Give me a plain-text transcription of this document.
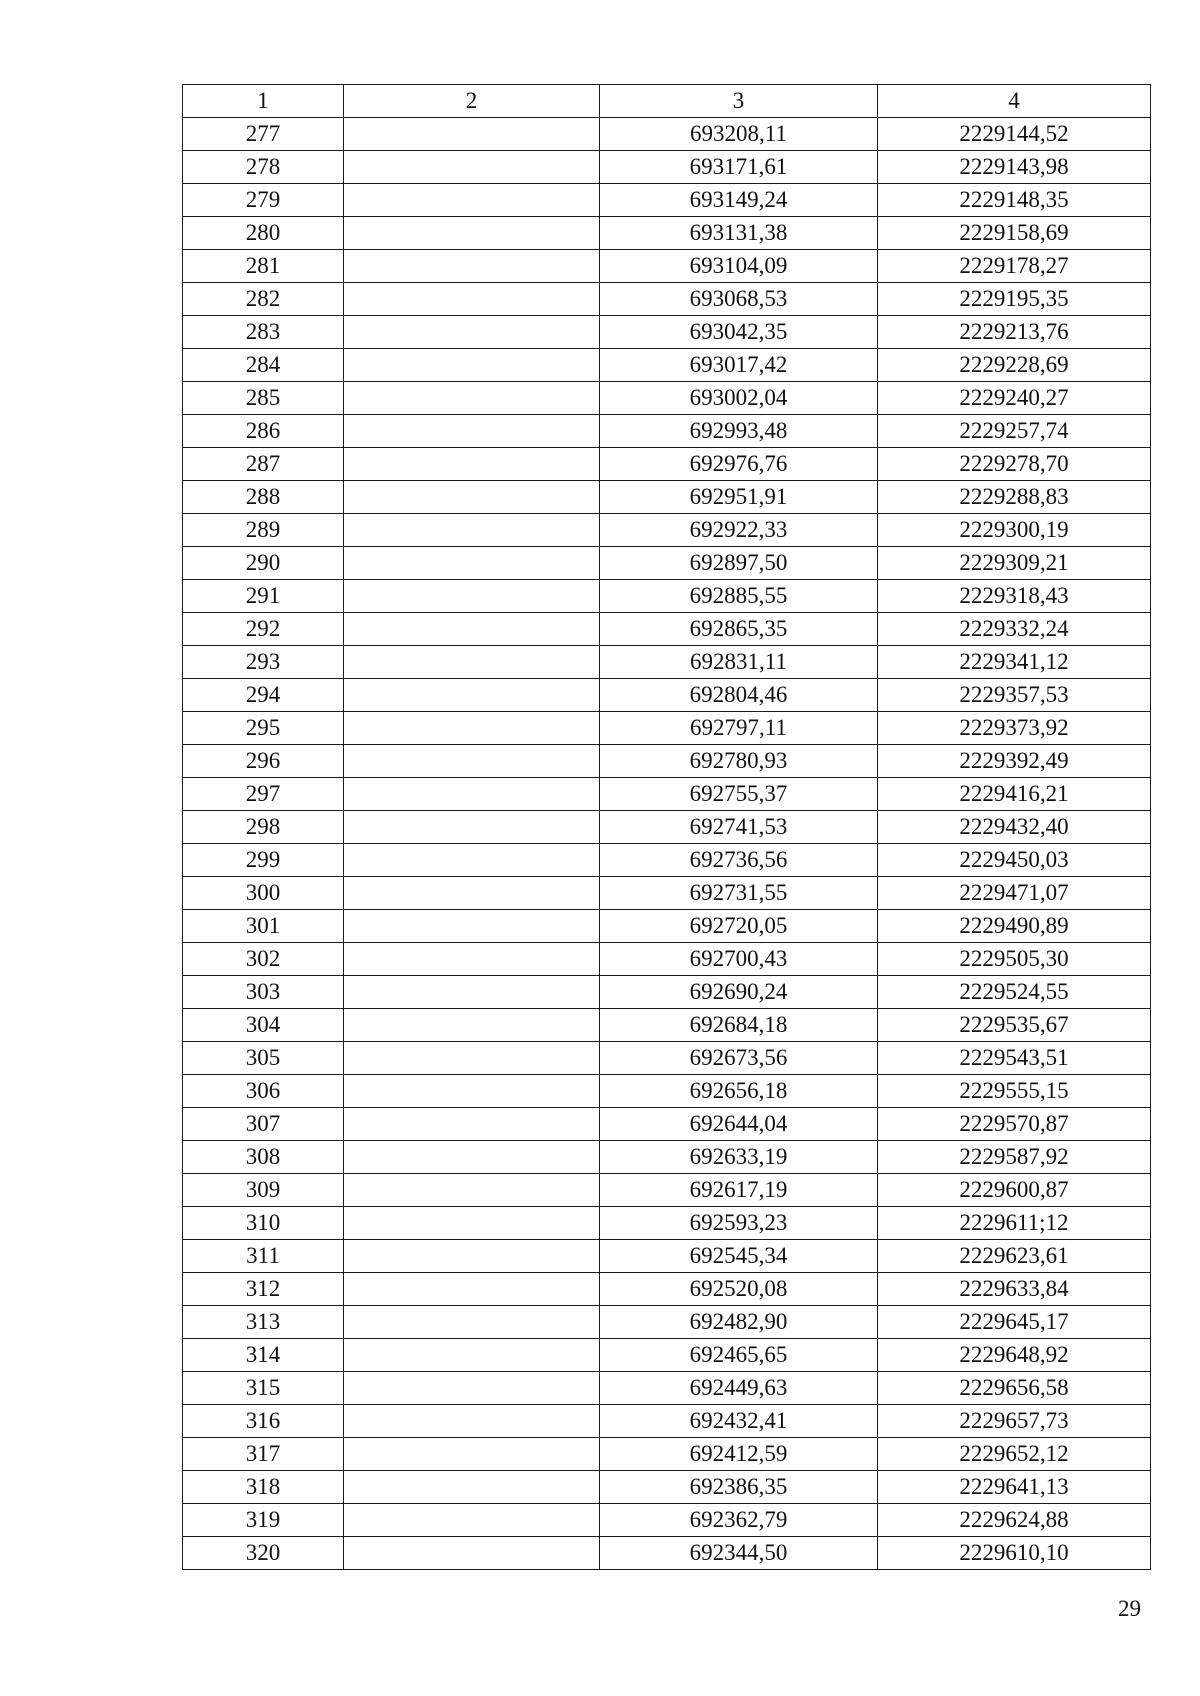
1	2	3	4
277		693208,11	2229144,52
278		693171,61	2229143,98
279		693149,24	2229148,35
280		693131,38	2229158,69
281		693104,09	2229178,27
282		693068,53	2229195,35
283		693042,35	2229213,76
284		693017,42	2229228,69
285		693002,04	2229240,27
286		692993,48	2229257,74
287		692976,76	2229278,70
288		692951,91	2229288,83
289		692922,33	2229300,19
290		692897,50	2229309,21
291		692885,55	2229318,43
292		692865,35	2229332,24
293		692831,11	2229341,12
294		692804,46	2229357,53
295		692797,11	2229373,92
296		692780,93	2229392,49
297		692755,37	2229416,21
298		692741,53	2229432,40
299		692736,56	2229450,03
300		692731,55	2229471,07
301		692720,05	2229490,89
302		692700,43	2229505,30
303		692690,24	2229524,55
304		692684,18	2229535,67
305		692673,56	2229543,51
306		692656,18	2229555,15
307		692644,04	2229570,87
308		692633,19	2229587,92
309		692617,19	2229600,87
310		692593,23	2229611;12
311		692545,34	2229623,61
312		692520,08	2229633,84
313		692482,90	2229645,17
314		692465,65	2229648,92
315		692449,63	2229656,58
316		692432,41	2229657,73
317		692412,59	2229652,12
318		692386,35	2229641,13
319		692362,79	2229624,88
320		692344,50	2229610,10
29
